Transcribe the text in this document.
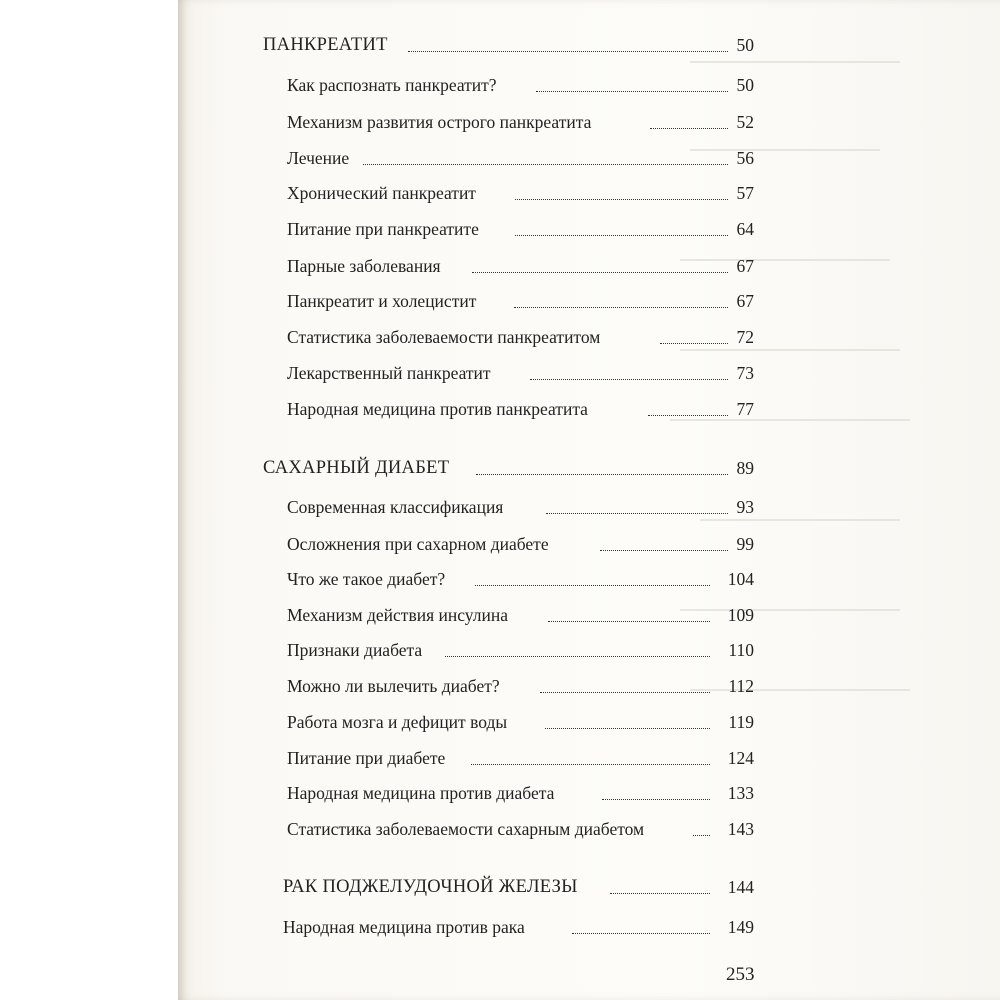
ПАНКРЕАТИТ	50
Как распознать панкреатит?	50
Механизм развития острого панкреатита	52
Лечение	56
Хронический панкреатит	57
Питание при панкреатите	64
Парные заболевания	67
Панкреатит и холецистит	67
Статистика заболеваемости панкреатитом	72
Лекарственный панкреатит	73
Народная медицина против панкреатита	77
САХАРНЫЙ ДИАБЕТ	89
Современная классификация	93
Осложнения при сахарном диабете	99
Что же такое диабет?	104
Механизм действия инсулина	109
Признаки диабета	110
Можно ли вылечить диабет?	112
Работа мозга и дефицит воды	119
Питание при диабете	124
Народная медицина против диабета	133
Статистика заболеваемости сахарным диабетом	143
РАК ПОДЖЕЛУДОЧНОЙ ЖЕЛЕЗЫ	144
Народная медицина против рака	149
253
